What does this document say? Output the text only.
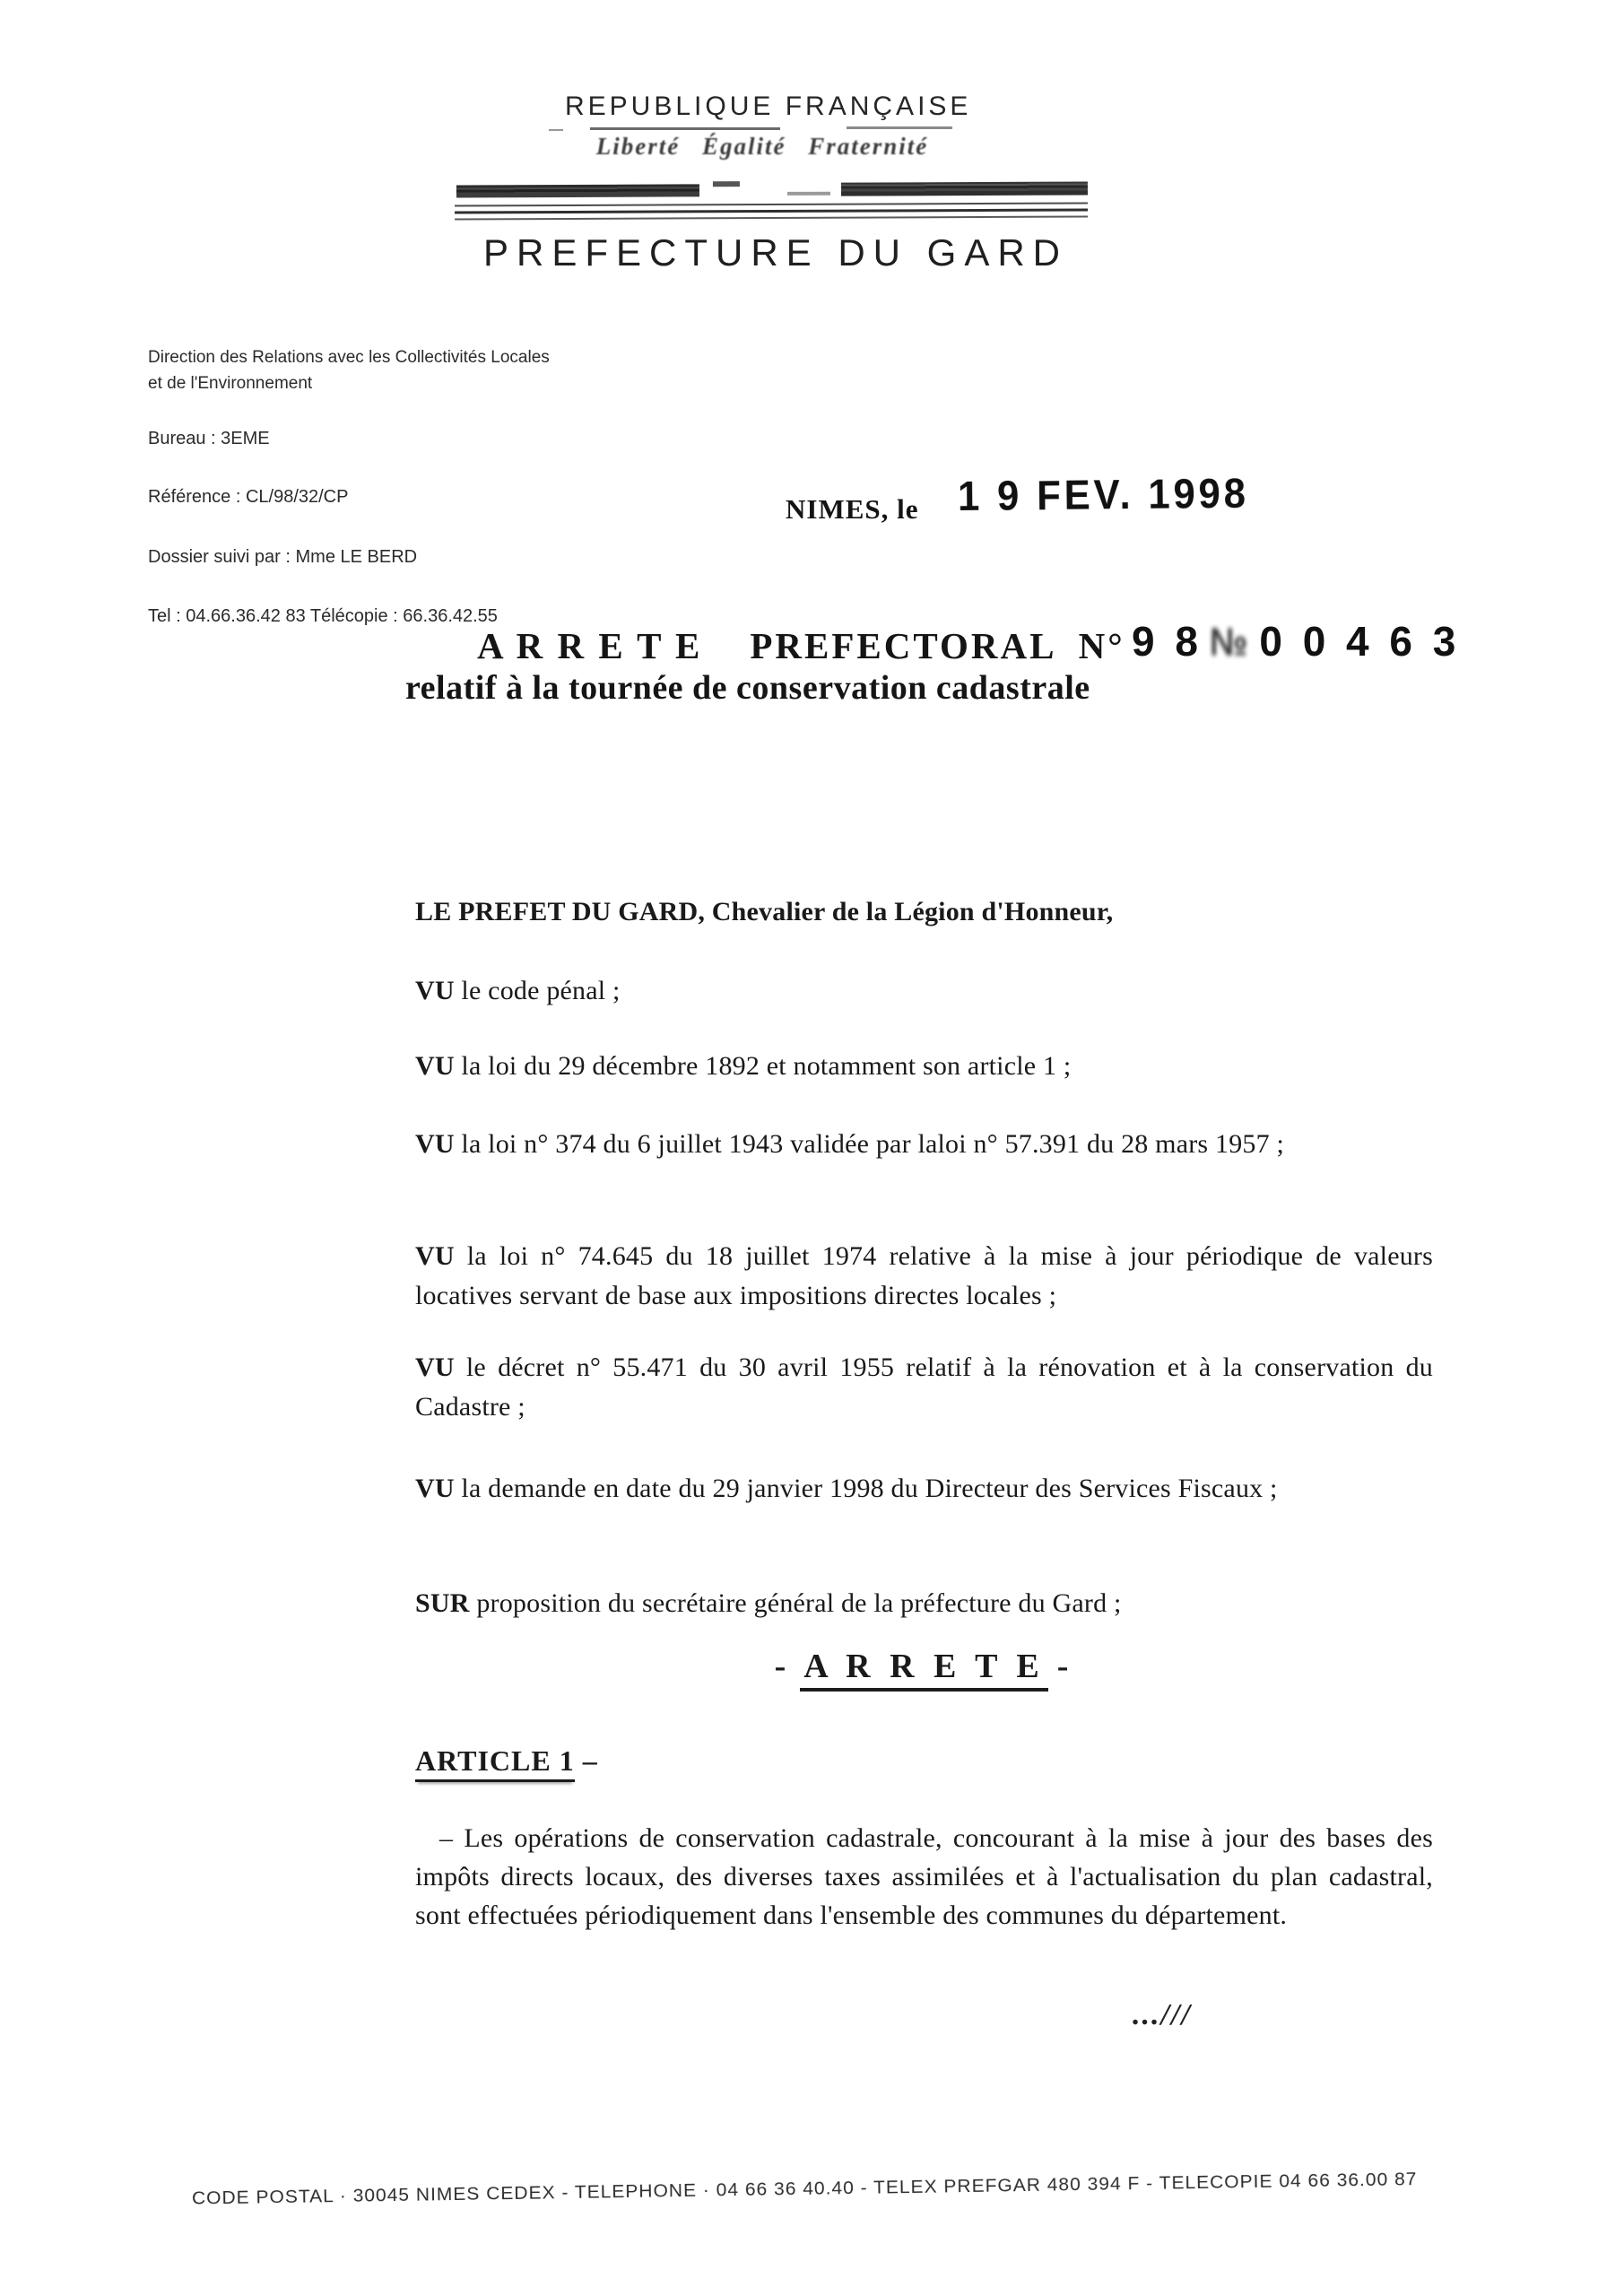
REPUBLIQUE FRANÇAISE
Liberté Égalité Fraternité
PREFECTURE DU GARD
Direction des Relations avec les Collectivités Locales
et de l'Environnement
Bureau : 3EME
Référence : CL/98/32/CP
Dossier suivi par : Mme LE BERD
Tel : 04.66.36.42 83 Télécopie : 66.36.42.55
NIMES, le 1 9 FEV. 1998
A R R E T E    PREFECTORAL  N° 9 8 № 0 0 4 6 3
relatif à la tournée de conservation cadastrale
LE PREFET DU GARD, Chevalier de la Légion d'Honneur,
VU le code pénal ;
VU la loi du 29 décembre 1892 et notamment son article 1 ;
VU la loi n° 374 du 6 juillet 1943 validée par laloi n° 57.391 du 28 mars 1957 ;
VU la loi n° 74.645 du 18 juillet 1974 relative à la mise à jour périodique de valeurs locatives servant de base aux impositions directes locales ;
VU le décret n° 55.471 du 30 avril 1955 relatif à la rénovation et à la conservation du Cadastre ;
VU la demande en date du 29 janvier 1998 du Directeur des Services Fiscaux ;
SUR proposition du secrétaire général de la préfecture du Gard ;
- A R R E T E -
ARTICLE 1 –
– Les opérations de conservation cadastrale, concourant à la mise à jour des bases des impôts directs locaux, des diverses taxes assimilées et à l'actualisation du plan cadastral, sont effectuées périodiquement dans l'ensemble des communes du département.
...///
CODE POSTAL · 30045 NIMES CEDEX - TELEPHONE · 04 66 36 40.40 - TELEX PREFGAR 480 394 F - TELECOPIE 04 66 36.00 87
